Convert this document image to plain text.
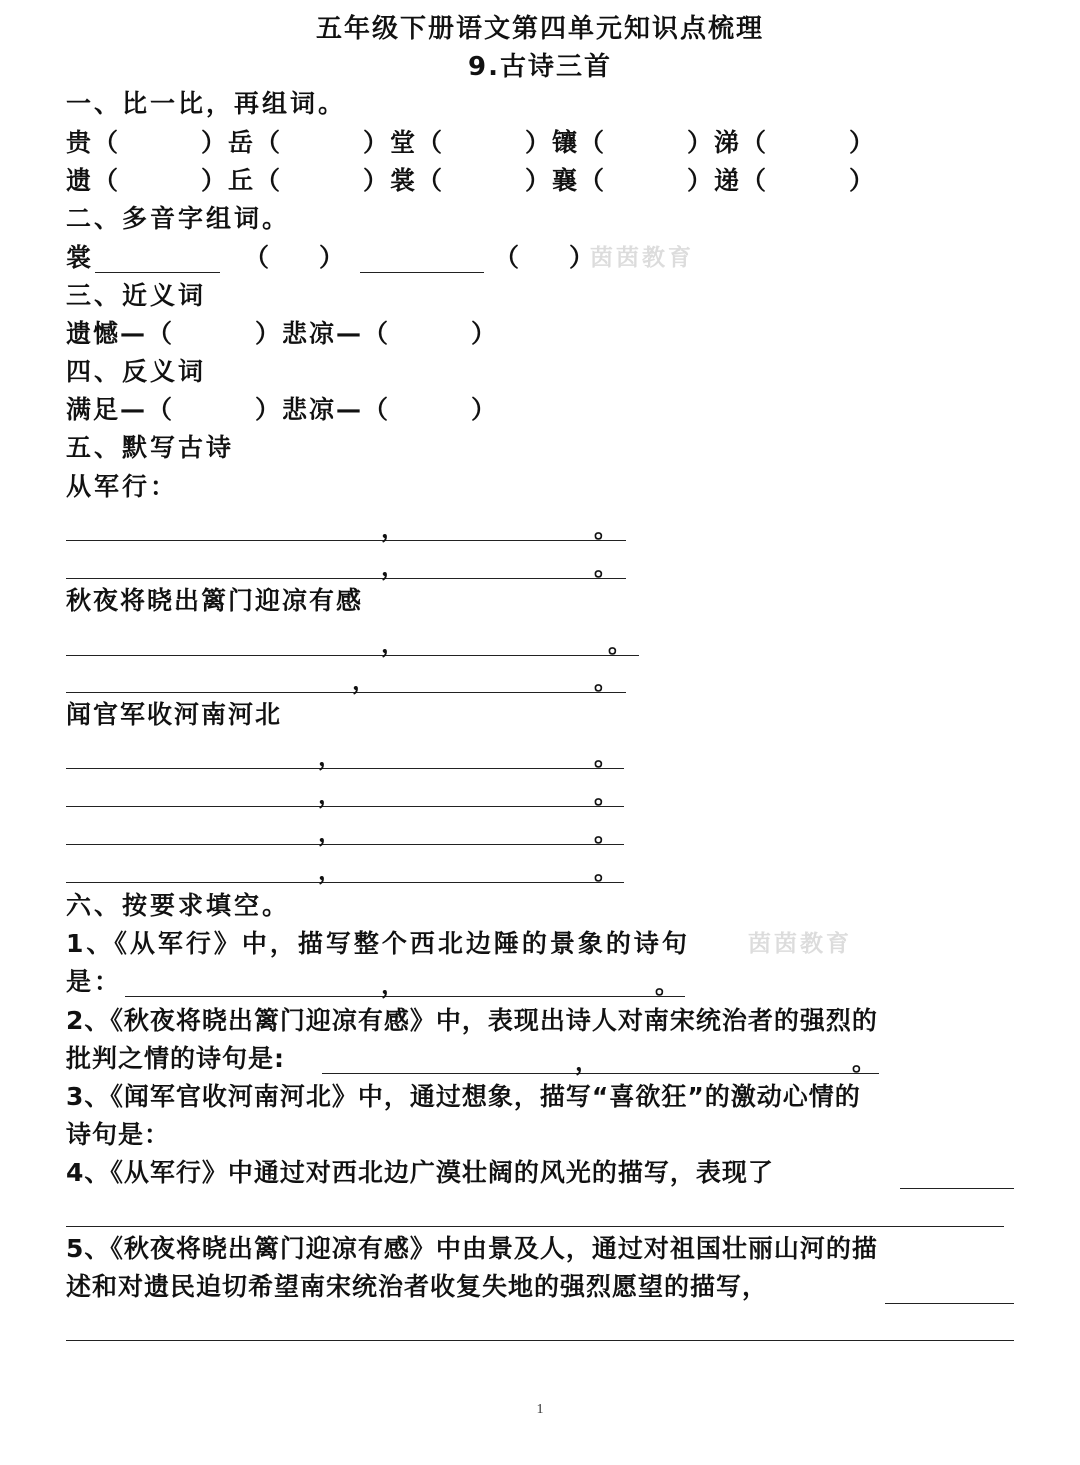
五年级下册语文第四单元知识点梳理
9.古诗三首
一、比一比，再组词。
贵（　　　）岳（　　　）堂（　　　）镶（　　　）涕（　　　）
遗（　　　）丘（　　　）裳（　　　）襄（　　　）递（　　　）
二、多音字组词。
裳	（　　）	（　　）
茵茵教育
三、近义词
遗憾—（　　　）悲凉—（　　　）
四、反义词
满足—（　　　）悲凉—（　　　）
五、默写古诗
从军行：
，	。
，	。
秋夜将晓出篱门迎凉有感
，	。
，	。
闻官军收河南河北
，	。
，	。
，	。
，	。
六、按要求填空。
1、《从军行》中，描写整个西北边陲的景象的诗句	茵茵教育
是：	，	。
2、《秋夜将晓出篱门迎凉有感》中，表现出诗人对南宋统治者的强烈的
批判之情的诗句是:	，	。
3、《闻军官收河南河北》中，通过想象，描写“喜欲狂”的激动心情的
诗句是：
4、《从军行》中通过对西北边广漠壮阔的风光的描写，表现了
5、《秋夜将晓出篱门迎凉有感》中由景及人，通过对祖国壮丽山河的描
述和对遗民迫切希望南宋统治者收复失地的强烈愿望的描写，
1
